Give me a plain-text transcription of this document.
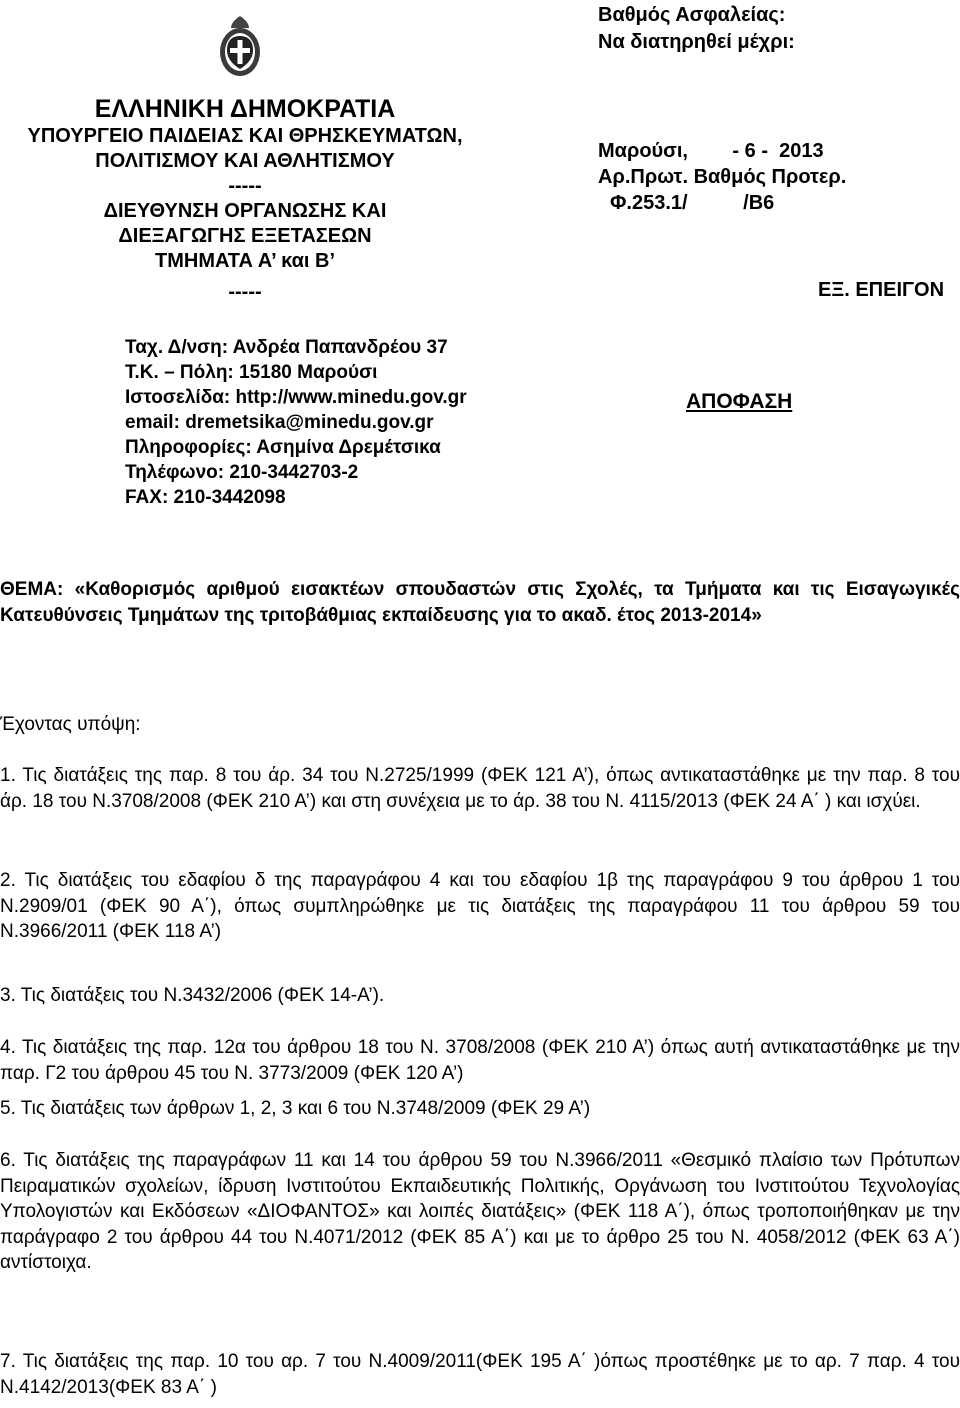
ΕΛΛΗΝΙΚΗ ΔΗΜΟΚΡΑΤΙΑ
ΥΠΟΥΡΓΕΙΟ ΠΑΙΔΕΙΑΣ ΚΑΙ ΘΡΗΣΚΕΥΜΑΤΩΝ,
ΠΟΛΙΤΙΣΜΟΥ ΚΑΙ ΑΘΛΗΤΙΣΜΟΥ
-----
ΔΙΕΥΘΥΝΣΗ ΟΡΓΑΝΩΣΗΣ ΚΑΙ
ΔΙΕΞΑΓΩΓΗΣ ΕΞΕΤΑΣΕΩΝ
ΤΜΗΜΑΤΑ Α’ και Β’
-----
Ταχ. Δ/νση: Ανδρέα Παπανδρέου 37
Τ.Κ. – Πόλη: 15180 Μαρούσι
Ιστοσελίδα: http://www.minedu.gov.gr
email: dremetsika@minedu.gov.gr
Πληροφορίες: Ασημίνα Δρεμέτσικα
Τηλέφωνο: 210-3442703-2
FAX: 210-3442098
Βαθμός Ασφαλείας:
Να διατηρηθεί μέχρι:
Μαρούσι,        - 6 -  2013
Αρ.Πρωτ. Βαθμός Προτερ.
Φ.253.1/          /Β6
ΕΞ. ΕΠΕΙΓΟΝ
ΑΠΟΦΑΣΗ
ΘΕΜΑ: «Καθορισμός αριθμού εισακτέων σπουδαστών στις Σχολές, τα Τμήματα και τις Εισαγωγικές Κατευθύνσεις Τμημάτων της τριτοβάθμιας εκπαίδευσης για το ακαδ. έτος 2013-2014»
Έχοντας υπόψη:
1. Τις διατάξεις της παρ. 8 του άρ. 34 του Ν.2725/1999 (ΦΕΚ 121 Α’), όπως αντικαταστάθηκε με την παρ. 8 του άρ. 18 του Ν.3708/2008 (ΦΕΚ 210 Α’) και στη συνέχεια με το άρ. 38 του Ν. 4115/2013 (ΦΕΚ 24 Α΄ ) και ισχύει.
2. Τις διατάξεις του εδαφίου δ της παραγράφου 4 και του εδαφίου 1β της παραγράφου 9 του άρθρου 1 του Ν.2909/01 (ΦΕΚ 90 Α΄), όπως συμπληρώθηκε με τις διατάξεις της παραγράφου 11 του άρθρου 59 του Ν.3966/2011 (ΦΕΚ 118 Α’)
3. Τις διατάξεις του Ν.3432/2006 (ΦΕΚ 14-Α’).
4. Τις διατάξεις της παρ. 12α του άρθρου 18 του Ν. 3708/2008 (ΦΕΚ 210 Α’) όπως αυτή αντικαταστάθηκε με την παρ. Γ2 του άρθρου 45 του Ν. 3773/2009 (ΦΕΚ 120 Α’)
5. Τις διατάξεις των άρθρων 1, 2, 3 και 6 του Ν.3748/2009 (ΦΕΚ 29 Α’)
6. Τις διατάξεις της παραγράφων 11 και 14 του άρθρου 59 του Ν.3966/2011 «Θεσμικό πλαίσιο των Πρότυπων Πειραματικών σχολείων, ίδρυση Ινστιτούτου Εκπαιδευτικής Πολιτικής, Οργάνωση του Ινστιτούτου Τεχνολογίας Υπολογιστών και Εκδόσεων «ΔΙΟΦΑΝΤΟΣ» και λοιπές διατάξεις» (ΦΕΚ 118 Α΄), όπως τροποποιήθηκαν με την παράγραφο 2 του άρθρου 44 του Ν.4071/2012 (ΦΕΚ 85 Α΄) και με το άρθρο 25 του Ν. 4058/2012 (ΦΕΚ 63 Α΄) αντίστοιχα.
7. Τις διατάξεις της παρ. 10 του αρ. 7 του Ν.4009/2011(ΦΕΚ 195 Α΄ )όπως προστέθηκε με το αρ. 7 παρ. 4 του Ν.4142/2013(ΦΕΚ 83 Α΄ )
